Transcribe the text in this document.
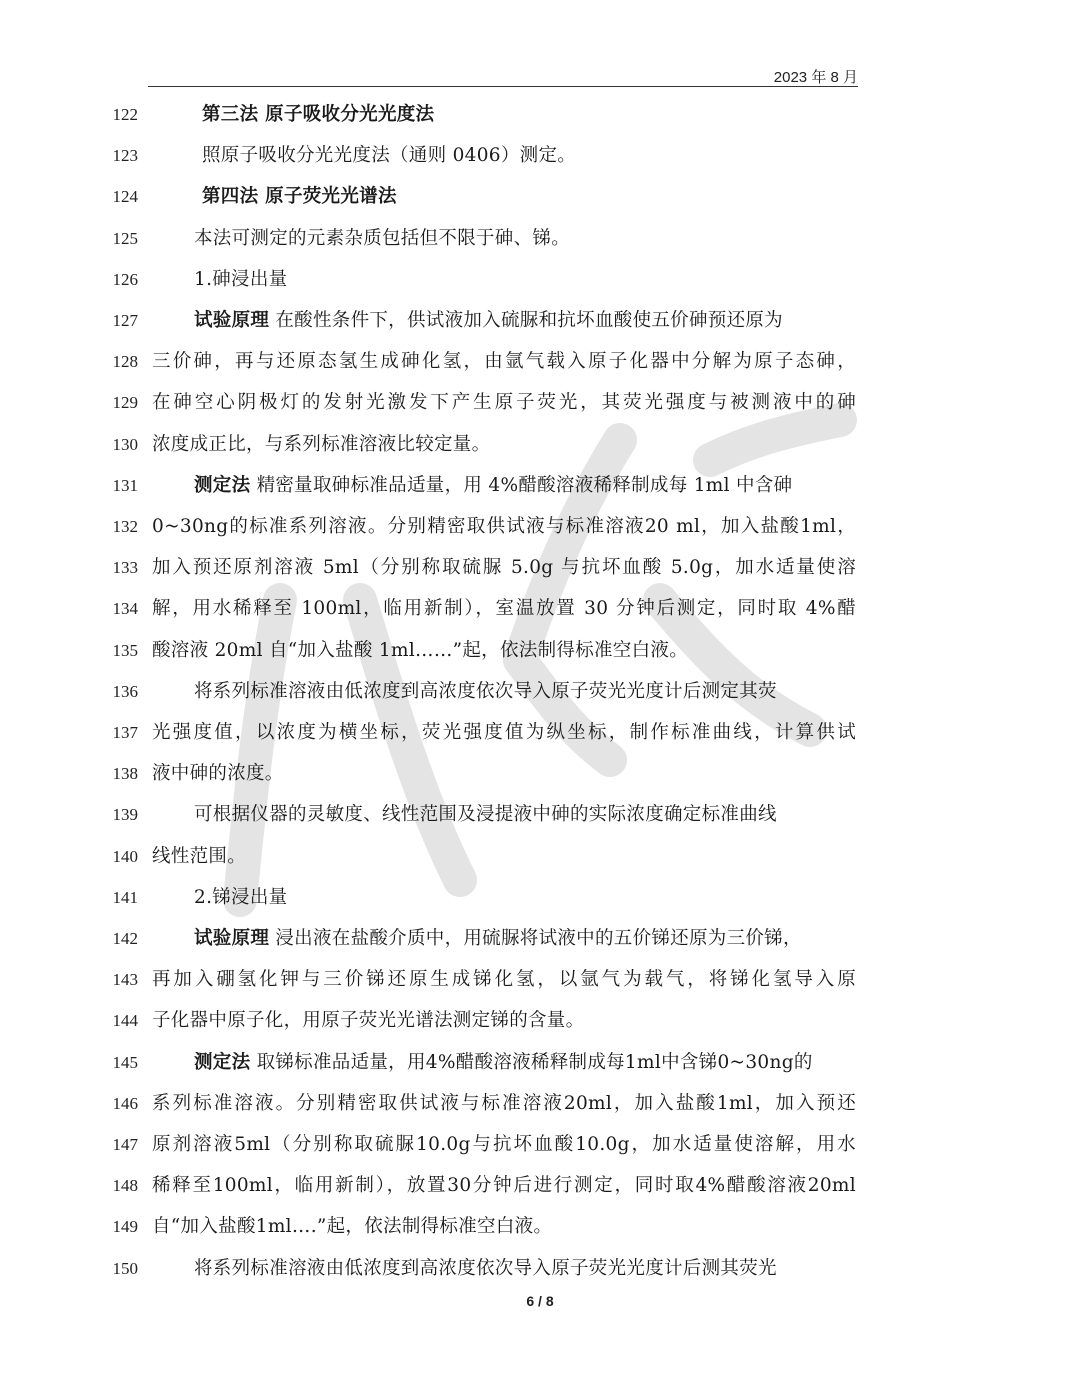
2023 年 8 月
122	第三法 原子吸收分光光度法
123	照原子吸收分光光度法（通则 0406）测定。
124	第四法 原子荧光光谱法
125	本法可测定的元素杂质包括但不限于砷、锑。
126	1.砷浸出量
127	试验原理 在酸性条件下，供试液加入硫脲和抗坏血酸使五价砷预还原为
128 三价砷，再与还原态氢生成砷化氢，由氩气载入原子化器中分解为原子态砷，
129 在砷空心阴极灯的发射光激发下产生原子荧光，其荧光强度与被测液中的砷
130 浓度成正比，与系列标准溶液比较定量。
131	测定法 精密量取砷标准品适量，用 4%醋酸溶液稀释制成每 1ml 中含砷
132 0~30ng的标准系列溶液。分别精密取供试液与标准溶液20 ml，加入盐酸1ml，
133 加入预还原剂溶液 5ml（分别称取硫脲 5.0g 与抗坏血酸 5.0g，加水适量使溶
134 解，用水稀释至 100ml，临用新制），室温放置 30 分钟后测定，同时取 4%醋
135 酸溶液 20ml 自“加入盐酸 1ml……”起，依法制得标准空白液。
136	将系列标准溶液由低浓度到高浓度依次导入原子荧光光度计后测定其荧
137 光强度值，以浓度为横坐标，荧光强度值为纵坐标，制作标准曲线，计算供试
138 液中砷的浓度。
139	可根据仪器的灵敏度、线性范围及浸提液中砷的实际浓度确定标准曲线
140 线性范围。
141	2.锑浸出量
142	试验原理 浸出液在盐酸介质中，用硫脲将试液中的五价锑还原为三价锑，
143 再加入硼氢化钾与三价锑还原生成锑化氢，以氩气为载气，将锑化氢导入原
144 子化器中原子化，用原子荧光光谱法测定锑的含量。
145	测定法 取锑标准品适量，用4%醋酸溶液稀释制成每1ml中含锑0~30ng的
146 系列标准溶液。分别精密取供试液与标准溶液20ml，加入盐酸1ml，加入预还
147 原剂溶液5ml（分别称取硫脲10.0g与抗坏血酸10.0g，加水适量使溶解，用水
148 稀释至100ml，临用新制），放置30分钟后进行测定，同时取4%醋酸溶液20ml
149 自“加入盐酸1ml….”起，依法制得标准空白液。
150	将系列标准溶液由低浓度到高浓度依次导入原子荧光光度计后测其荧光
6 / 8
